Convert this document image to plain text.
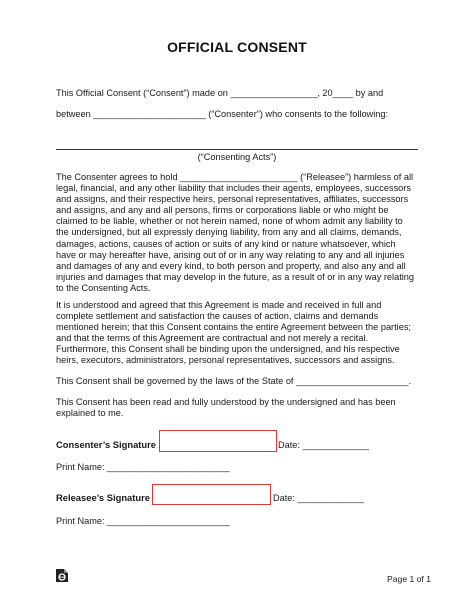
OFFICIAL CONSENT
This Official Consent (“Consent”) made on _________________, 20____ by and
between ______________________ (“Consenter”) who consents to the following:
(“Consenting Acts”)
The Consenter agrees to hold _______________________ (“Releasee”) harmless of all
legal, financial, and any other liability that includes their agents, employees, successors
and assigns, and their respective heirs, personal representatives, affiliates, successors
and assigns, and any and all persons, firms or corporations liable or who might be
claimed to be liable, whether or not herein named, none of whom admit any liability to
the undersigned, but all expressly denying liability, from any and all claims, demands,
damages, actions, causes of action or suits of any kind or nature whatsoever, which
have or may hereafter have, arising out of or in any way relating to any and all injuries
and damages of any and every kind, to both person and property, and also any and all
injuries and damages that may develop in the future, as a result of or in any way relating
to the Consenting Acts.
It is understood and agreed that this Agreement is made and received in full and
complete settlement and satisfaction the causes of action, claims and demands
mentioned herein; that this Consent contains the entire Agreement between the parties;
and that the terms of this Agreement are contractual and not merely a recital.
Furthermore, this Consent shall be binding upon the undersigned, and his respective
heirs, executors, administrators, personal representatives, successors and assigns.
This Consent shall be governed by the laws of the State of ______________________.
This Consent has been read and fully understood by the undersigned and has been
explained to me.
Consenter’s Signature	Date: _____________
Print Name: ________________________
Releasee’s Signature	Date: _____________
Print Name: ________________________
Page 1 of 1
